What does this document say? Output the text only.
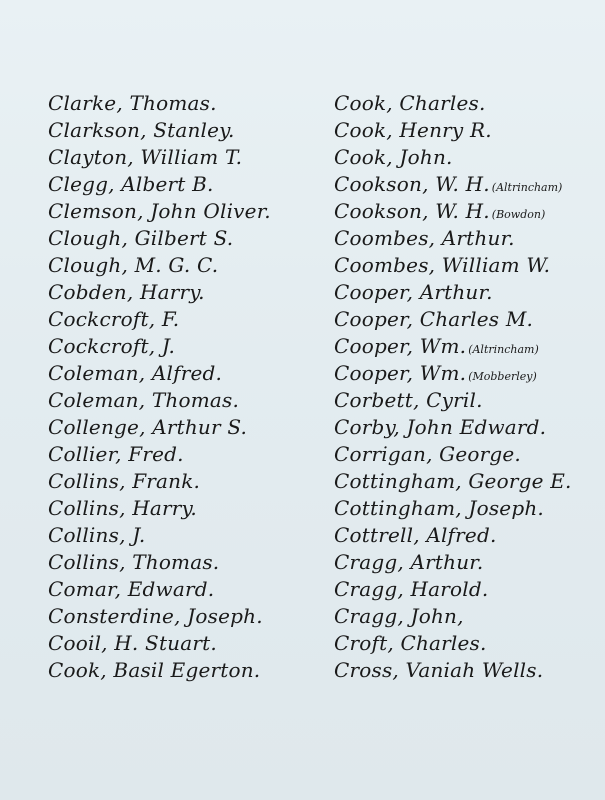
Clarke, Thomas.
Clarkson, Stanley.
Clayton, William T.
Clegg, Albert B.
Clemson, John Oliver.
Clough, Gilbert S.
Clough, M. G. C.
Cobden, Harry.
Cockcroft, F.
Cockcroft, J.
Coleman, Alfred.
Coleman, Thomas.
Collenge, Arthur S.
Collier, Fred.
Collins, Frank.
Collins, Harry.
Collins, J.
Collins, Thomas.
Comar, Edward.
Consterdine, Joseph.
Cooil, H. Stuart.
Cook, Basil Egerton.
Cook, Charles.
Cook, Henry R.
Cook, John.
Cookson, W. H. (Altrincham)
Cookson, W. H. (Bowdon)
Coombes, Arthur.
Coombes, William W.
Cooper, Arthur.
Cooper, Charles M.
Cooper, Wm. (Altrincham)
Cooper, Wm. (Mobberley)
Corbett, Cyril.
Corby, John Edward.
Corrigan, George.
Cottingham, George E.
Cottingham, Joseph.
Cottrell, Alfred.
Cragg, Arthur.
Cragg, Harold.
Cragg, John,
Croft, Charles.
Cross, Vaniah Wells.
